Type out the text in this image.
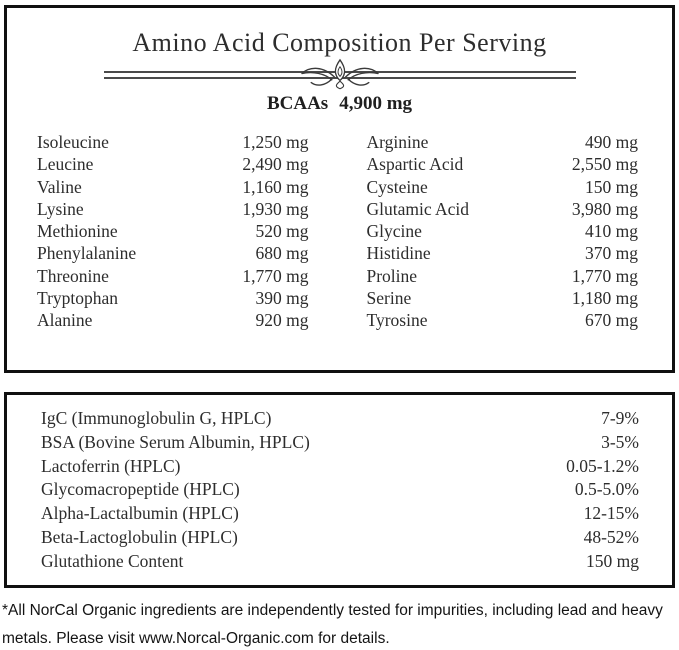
Amino Acid Composition Per Serving
BCAAs 4,900 mg
Isoleucine	1,250 mg
Leucine	2,490 mg
Valine	1,160 mg
Lysine	1,930 mg
Methionine	520 mg
Phenylalanine	680 mg
Threonine	1,770 mg
Tryptophan	390 mg
Alanine	920 mg
Arginine	490 mg
Aspartic Acid	2,550 mg
Cysteine	150 mg
Glutamic Acid	3,980 mg
Glycine	410 mg
Histidine	370 mg
Proline	1,770 mg
Serine	1,180 mg
Tyrosine	670 mg
IgC (Immunoglobulin G, HPLC)	7-9%
BSA (Bovine Serum Albumin, HPLC)	3-5%
Lactoferrin (HPLC)	0.05-1.2%
Glycomacropeptide (HPLC)	0.5-5.0%
Alpha-Lactalbumin (HPLC)	12-15%
Beta-Lactoglobulin (HPLC)	48-52%
Glutathione Content	150 mg

*All NorCal Organic ingredients are independently tested for impurities, including lead and heavy metals. Please visit www.Norcal-Organic.com for details.
